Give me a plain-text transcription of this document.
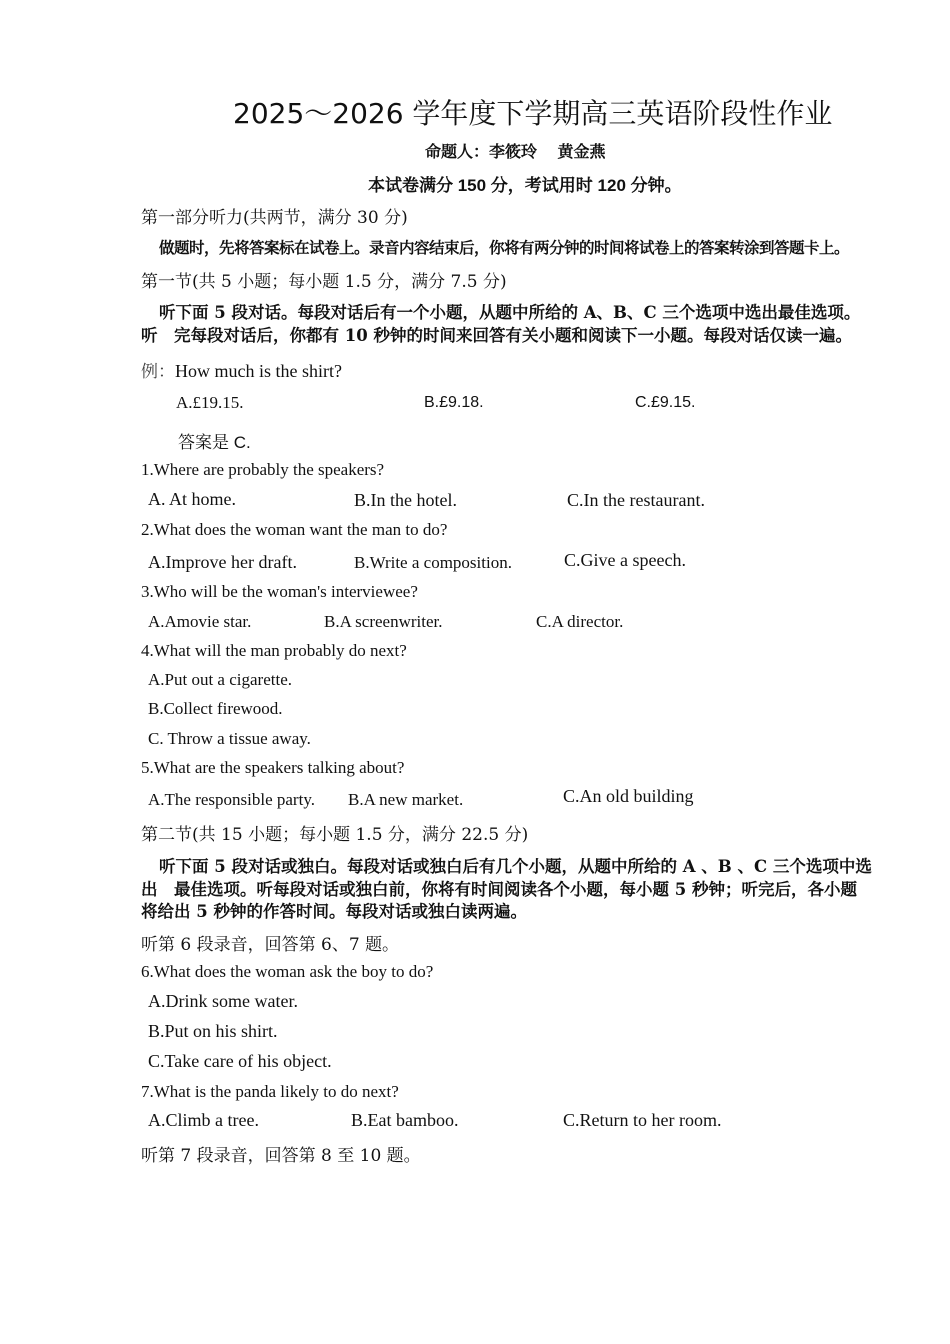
2025～2026 学年度下学期高三英语阶段性作业
命题人：李筱玲　 黄金燕
本试卷满分 150 分，考试用时 120 分钟。
第一部分听力(共两节，满分 30 分)
做题时，先将答案标在试卷上。录音内容结束后，你将有两分钟的时间将试卷上的答案转涂到答题卡上。
第一节(共 5 小题；每小题 1.5 分，满分 7.5 分)
听下面 5 段对话。每段对话后有一个小题，从题中所给的 A、B、C 三个选项中选出最佳选项。
听　完每段对话后，你都有 10 秒钟的时间来回答有关小题和阅读下一小题。每段对话仅读一遍。
例：How much is the shirt?
A.£19.15.	B.£9.18.	C.£9.15.
答案是 C.
1.Where are probably the speakers?
A. At home.	B.In the hotel.	C.In the restaurant.
2.What does the woman want the man to do?
A.Improve her draft.	B.Write a composition.	C.Give a speech.
3.Who will be the woman's interviewee?
A.Amovie star.	B.A screenwriter.	C.A director.
4.What will the man probably do next?
A.Put out a cigarette.
B.Collect firewood.
C. Throw a tissue away.
5.What are the speakers talking about?
A.The responsible party. B.A new market.	C.An old building
第二节(共 15 小题；每小题 1.5 分，满分 22.5 分)
听下面 5 段对话或独白。每段对话或独白后有几个小题，从题中所给的 A 、B 、C 三个选项中选
出　最佳选项。听每段对话或独白前，你将有时间阅读各个小题，每小题 5 秒钟；听完后，各小题
将给出 5 秒钟的作答时间。每段对话或独白读两遍。
听第 6 段录音，回答第 6、7 题。
6.What does the woman ask the boy to do?
A.Drink some water.
B.Put on his shirt.
C.Take care of his object.
7.What is the panda likely to do next?
A.Climb a tree.	B.Eat bamboo.	C.Return to her room.
听第 7 段录音，回答第 8 至 10 题。
